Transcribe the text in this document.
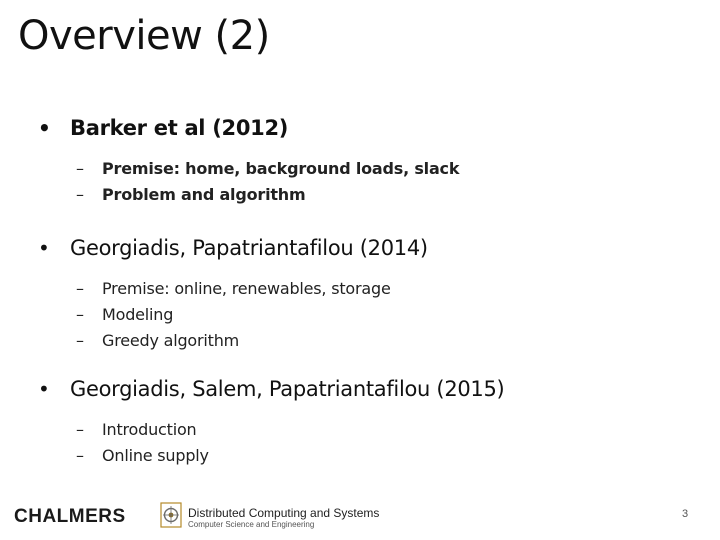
Overview (2)
• Barker et al (2012)
– Premise: home, background loads, slack
– Problem and algorithm
• Georgiadis, Papatriantafilou (2014)
– Premise: online, renewables, storage
– Modeling
– Greedy algorithm
• Georgiadis, Salem, Papatriantafilou (2015)
– Introduction
– Online supply
CHALMERS	Distributed Computing and Systems
Computer Science and Engineering
3
